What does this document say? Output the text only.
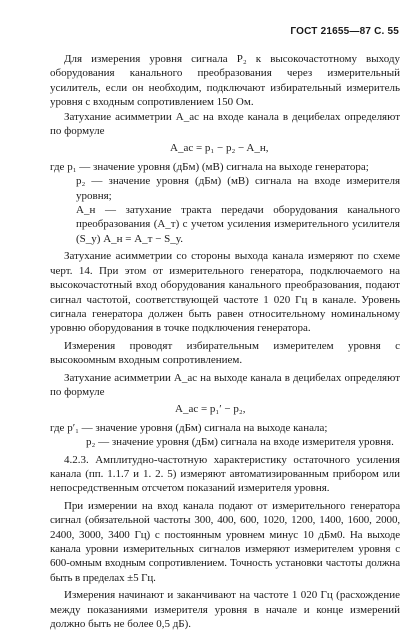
ГОСТ 21655—87 С. 55

Для измерения уровня сигнала P₂ к высокочастотному выходу оборудования канального преобразования через измерительный усилитель, если он необходим, подключают избирательный измеритель уровня с входным сопротивлением 150 Ом.

Затухание асимметрии A_ac на входе канала в децибелах определяют по формуле

A_ac = p₁ − p₂ − A_н,

где p₁ — значение уровня (дБм) (мВ) сигнала на выходе генератора;

p₂ — значение уровня (дБм) (мВ) сигнала на входе измерителя уровня;

A_н — затухание тракта передачи оборудования канального преобразования (A_т) с учетом усиления измерительного усилителя (S_у) A_н = A_т − S_у.

Затухание асимметрии со стороны выхода канала измеряют по схеме черт. 14. При этом от измерительного генератора, подключаемого на высокочастотный вход оборудования канального преобразования, подают сигнал частотой, соответствующей частоте 1 020 Гц в канале. Уровень сигнала генератора должен быть равен относительному номинальному уровню оборудования в точке подключения генератора.

Измерения проводят избирательным измерителем уровня с высокоомным входным сопротивлением.

Затухание асимметрии A_ac на выходе канала в децибелах определяют по формуле

A_ac = p₁′ − p₂,

где p′₁ — значение уровня (дБм) сигнала на выходе канала;

p₂ — значение уровня (дБм) сигнала на входе измерителя уровня.

4.2.3. Амплитудно-частотную характеристику остаточного усиления канала (пп. 1.1.7 и 1. 2. 5) измеряют автоматизированным прибором или непосредственным отсчетом показаний измерителя уровня.

При измерении на вход канала подают от измерительного генератора сигнал (обязательной частоты 300, 400, 600, 1020, 1200, 1400, 1600, 2000, 2400, 3000, 3400 Гц) с постоянным уровнем минус 10 дБм0. На выходе канала уровни измерительных сигналов измеряют измерителем уровня с 600-омным входным сопротивлением. Точность установки частоты должна быть в пределах ±5 Гц.

Измерения начинают и заканчивают на частоте 1 020 Гц (расхождение между показаниями измерителя уровня в начале и конце измерений должно быть не более 0,5 дБ).
